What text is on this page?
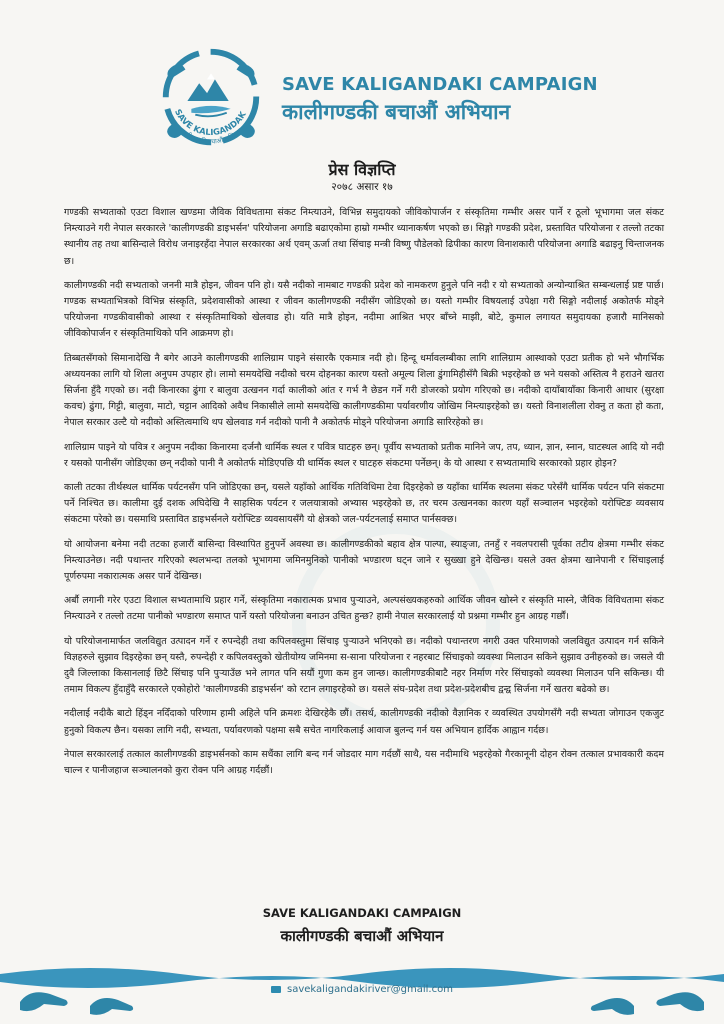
SAVE KALIGANDAK
कालीगण्डकी बचाऔं अभियान
SAVE KALIGANDAKI CAMPAIGN
कालीगण्डकी बचाऔं अभियान
प्रेस विज्ञप्ति
२०७८ असार १७

गण्डकी सभ्यताको एउटा विशाल खण्डमा जैविक विविधतामा संकट निम्त्याउने, विभिन्न समुदायको जीविकोपार्जन र संस्कृतिमा गम्भीर असर पार्ने र ठूलो भूभागमा जल संकट निम्त्याउने गरी नेपाल सरकारले 'कालीगण्डकी डाइभर्सन' परियोजना अगाडि बढाएकोमा हाम्रो गम्भीर ध्यानाकर्षण भएको छ। सिङ्गो गण्डकी प्रदेश, प्रस्तावित परियोजना र तल्लो तटका स्थानीय तह तथा बासिन्दाले विरोध जनाइरहँदा नेपाल सरकारका अर्थ एवम् ऊर्जा तथा सिंचाइ मन्त्री विष्णु पौडेलको ढिपीका कारण विनाशकारी परियोजना अगाडि बढाइनु चिन्ताजनक छ।

कालीगण्डकी नदी सभ्यताको जननी मात्रै होइन, जीवन पनि हो। यसै नदीको नामबाट गण्डकी प्रदेश को नामकरण हुनुले पनि नदी र यो सभ्यताको अन्योन्याश्रित सम्बन्धलाई प्रष्ट पार्छ। गण्डक सभ्यताभित्रको विभिन्न संस्कृति, प्रदेशवासीको आस्था र जीवन कालीगण्डकी नदीसँग जोडिएको छ। यस्तो गम्भीर विषयलाई उपेक्षा गरी सिङ्गो नदीलाई अकोतर्फ मोड्ने परियोजना गण्डकीवासीको आस्था र संस्कृतिमाथिको खेलवाड हो। यति मात्रै होइन, नदीमा आश्रित भएर बाँच्ने माझी, बोटे, कुमाल लगायत समुदायका हजारौ मानिसको जीविकोपार्जन र संस्कृतिमाथिको पनि आक्रमण हो।

तिब्बतसँगको सिमानादेखि नै बगेर आउने कालीगण्डकी शालिग्राम पाइने संसारकै एकमात्र नदी हो। हिन्दू धर्मावलम्बीका लागि शालिग्राम आस्थाको एउटा प्रतीक हो भने भौगर्भिक अध्ययनका लागि यो शिला अनुपम उपहार हो। लामो समयदेखि नदीको चरम दोहनका कारण यस्तो अमूल्य शिला डुंगामिहीसँगै बिक्री भइरहेको छ भने यसको अस्तित्व नै हराउने खतरा सिर्जना हुँदै गएको छ। नदी किनारका ढुंगा र बालुवा उत्खनन गर्दा कालीको आंत र गर्भ नै छेडन गर्ने गरी डोजरको प्रयोग गरिएको छ। नदीको दायाँबायाँका किनारी आधार (सुरक्षा कवच) ढुंगा, गिट्टी, बालुवा, माटो, चट्टान आदिको अवैध निकासीले लामो समयदेखि कालीगण्डकीमा पर्यावरणीय जोखिम निम्त्याइरहेको छ। यस्तो विनाशलीला रोक्नु त कता हो कता, नेपाल सरकार उल्टै यो नदीको अस्तित्वमाथि थप खेलवाड गर्न नदीको पानी नै अकोतर्फ मोड्ने परियोजना अगाडि सारिरहेको छ।

शालिग्राम पाइने यो पवित्र र अनुपम नदीका किनारमा दर्जनौ धार्मिक स्थल र पवित्र घाटहरु छन्। पूर्वीय सभ्यताको प्रतीक मानिने जप, तप, ध्यान, ज्ञान, स्नान, घाटस्थल आदि यो नदी र यसको पानीसँग जोडिएका छन् नदीको पानी नै अकोतर्फ मोडिएपछि यी धार्मिक स्थल र घाटहरु संकटमा पर्नेछन्। के यो आस्था र सभ्यतामाथि सरकारको प्रहार होइन?

काली तटका तीर्थस्थल धार्मिक पर्यटनसँग पनि जोडिएका छन्, यसले यहाँको आर्थिक गतिविधिमा टेवा दिइरहेको छ यहाँका धार्मिक स्थलमा संकट परेसँगै धार्मिक पर्यटन पनि संकटमा पर्ने निश्चित छ। कालीमा दुई दशक अघिदेखि नै साहसिक पर्यटन र जलयात्राको अभ्यास भइरहेको छ, तर चरम उत्खननका कारण यहाँ सञ्चालन भइरहेको यरोफ्टिङ व्यवसाय संकटमा परेको छ। यसमाथि प्रस्तावित डाइभर्सनले यरोफ्टिङ व्यवसायसँगै यो क्षेत्रको जल-पर्यटनलाई समाप्त पार्नसक्छ।

यो आयोजना बनेमा नदी तटका हजारौं बासिन्दा विस्थापित हुनुपर्ने अवस्था छ। कालीगण्डकीको बहाव क्षेत्र पाल्पा, स्याङ्जा, तनहुँ र नवलपरासी पूर्वका तटीय क्षेत्रमा गम्भीर संकट निम्त्याउनेछ। नदी पथान्तर गरिएको स्थलभन्दा तलको भूभागमा जमिनमुनिको पानीको भण्डारण घट्न जाने र सुख्खा हुने देखिन्छ। यसले उक्त क्षेत्रमा खानेपानी र सिंचाइलाई पूर्णरुपमा नकारात्मक असर पार्ने देखिन्छ।

अर्बौ लगानी गरेर एउटा विशाल सभ्यतामाथि प्रहार गर्ने, संस्कृतिमा नकारात्मक प्रभाव पुर्‍याउने, अल्पसंख्यकहरुको आर्थिक जीवन खोस्ने र संस्कृति मास्ने, जैविक विविधतामा संकट निम्त्याउने र तल्लो तटमा पानीको भण्डारण समाप्त पार्ने यस्तो परियोजना बनाउन उचित हुन्छ? हामी नेपाल सरकारलाई यो प्रश्नमा गम्भीर हुन आग्रह गर्छौं।

यो परियोजनामार्फत जलविद्युत उत्पादन गर्ने र रुपन्देही तथा कपिलवस्तुमा सिंचाइ पुर्‍याउने भनिएको छ। नदीको पथान्तरण नगरी उक्त परिमाणको जलविद्युत उत्पादन गर्न सकिने विज्ञहरुले सुझाव दिइरहेका छन् यस्तै, रुपन्देही र कपिलवस्तुको खेतीयोग्य जमिनमा स-साना परियोजना र नहरबाट सिंचाइको व्यवस्था मिलाउन सकिने सुझाव उनीहरुको छ। जसले यी दुवै जिल्लाका किसानलाई छिटै सिंचाइ पनि पुर्‍याउँछ भने लागत पनि सयौं गुणा कम हुन जान्छ। कालीगण्डकीबाटै नहर निर्माण गरेर सिंचाइको व्यवस्था मिलाउन पनि सकिन्छ। यी तमाम विकल्प हुँदाहुँदै सरकारले एकोहोरो 'कालीगण्डकी डाइभर्सन' को रटान लगाइरहेको छ। यसले संघ-प्रदेश तथा प्रदेश-प्रदेशबीच द्वन्द्व सिर्जना गर्ने खतरा बढेको छ।

नदीलाई नदीकै बाटो हिंड्न नदिँदाको परिणाम हामी अहिले पनि क्रमशः देखिरहेकै छौं। तसर्थ, कालीगण्डकी नदीको वैज्ञानिक र व्यवस्थित उपयोगसँगै नदी सभ्यता जोगाउन एकजुट हुनुको विकल्प छैन। यसका लागि नदी, सभ्यता, पर्यावरणको पक्षमा सबै सचेत नागरिकलाई आवाज बुलन्द गर्न यस अभियान हार्दिक आह्वान गर्दछ।

नेपाल सरकारलाई तत्काल कालीगण्डकी डाइभर्सनको काम सधैंका लागि बन्द गर्न जोडदार माग गर्दछौं साथै, यस नदीमाथि भइरहेको गैरकानूनी दोहन रोक्न तत्काल प्रभावकारी कदम चाल्न र पानीजहाज सञ्चालनको कुरा रोक्न पनि आग्रह गर्दछौं।

SAVE KALIGANDAKI CAMPAIGN
कालीगण्डकी बचाऔं अभियान
savekaligandakiriver@gmail.com
